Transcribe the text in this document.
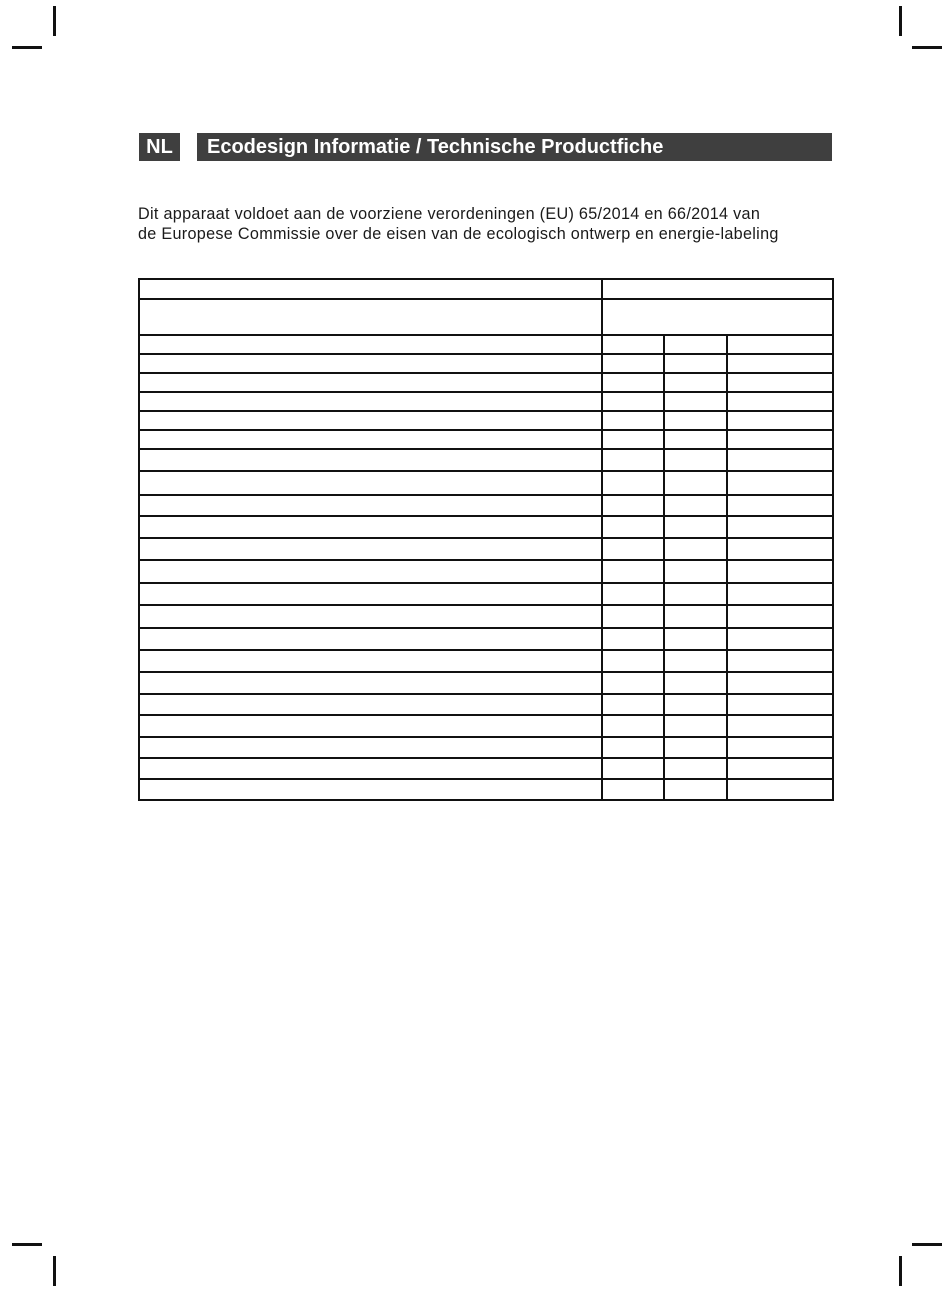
NL	Ecodesign Informatie / Technische Productfiche
Dit apparaat voldoet aan de voorziene verordeningen (EU) 65/2014 en 66/2014 van
de Europese Commissie over de eisen van de ecologisch ontwerp en energie-labeling
